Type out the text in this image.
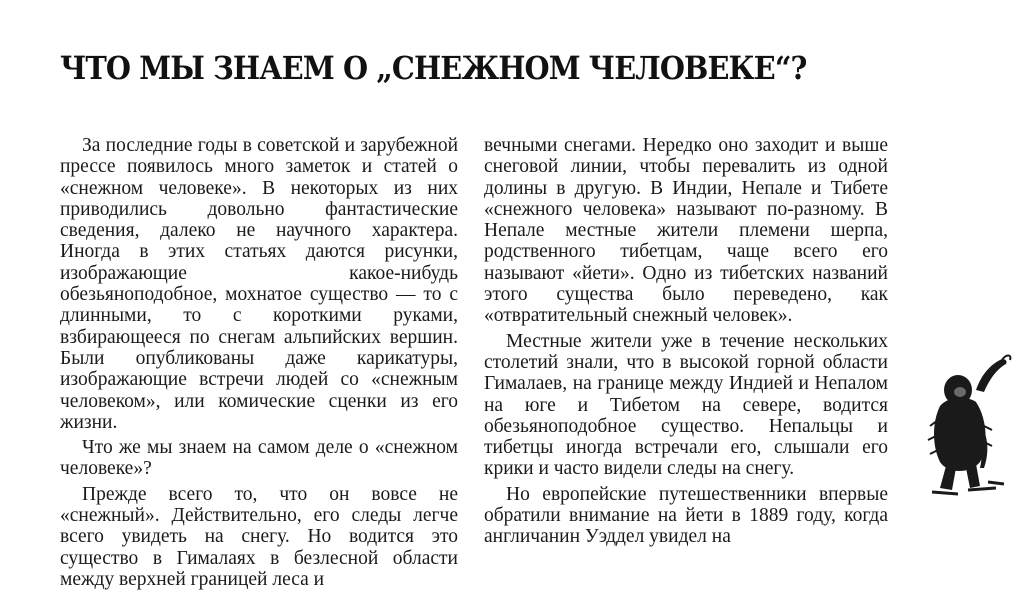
ЧТО МЫ ЗНАЕМ О „СНЕЖНОМ ЧЕЛОВЕКЕ“?

За последние годы в советской и зарубежной прессе появилось много заметок и статей о «снежном человеке». В некоторых из них приводились довольно фантастические сведения, далеко не научного характера. Иногда в этих статьях даются рисунки, изображающие какое-нибудь обезьяноподобное, мохнатое существо — то с длинными, то с короткими руками, взбирающееся по снегам альпийских вершин. Были опубликованы даже карикатуры, изображающие встречи людей со «снежным человеком», или комические сценки из его жизни.

Что же мы знаем на самом деле о «снежном человеке»?

Прежде всего то, что он вовсе не «снежный». Действительно, его следы легче всего увидеть на снегу. Но водится это существо в Гималаях в безлесной области между верхней границей леса и

вечными снегами. Нередко оно заходит и выше снеговой линии, чтобы перевалить из одной долины в другую. В Индии, Непале и Тибете «снежного человека» называют по-разному. В Непале местные жители племени шерпа, родственного тибетцам, чаще всего его называют «йети». Одно из тибетских названий этого существа было переведено, как «отвратительный снежный человек».

Местные жители уже в течение нескольких столетий знали, что в высокой горной области Гималаев, на границе между Индией и Непалом на юге и Тибетом на севере, водится обезьяноподобное существо. Непальцы и тибетцы иногда встречали его, слышали его крики и часто видели следы на снегу.

Но европейские путешественники впервые обратили внимание на йети в 1889 году, когда англичанин Уэддел увидел на
